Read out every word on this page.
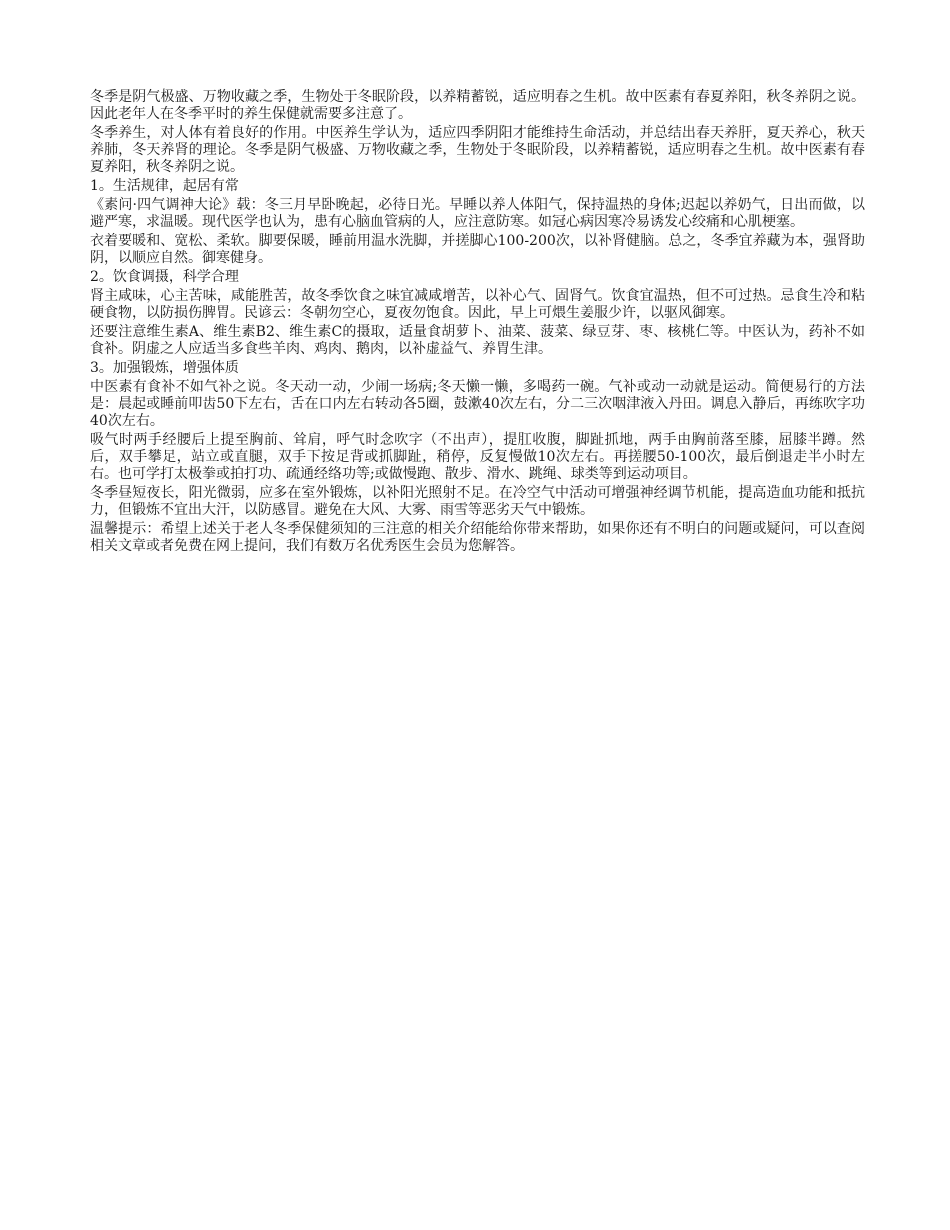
冬季是阴气极盛、万物收藏之季，生物处于冬眠阶段，以养精蓄锐，适应明春之生机。故中医素有春夏养阳，秋冬养阴之说。因此老年人在冬季平时的养生保健就需要多注意了。

冬季养生，对人体有着良好的作用。中医养生学认为，适应四季阴阳才能维持生命活动，并总结出春天养肝，夏天养心，秋天养肺，冬天养肾的理论。冬季是阴气极盛、万物收藏之季，生物处于冬眠阶段，以养精蓄锐，适应明春之生机。故中医素有春夏养阳，秋冬养阴之说。

1。生活规律，起居有常

《素问·四气调神大论》载：冬三月早卧晚起，必待日光。早睡以养人体阳气，保持温热的身体;迟起以养奶气，日出而做，以避严寒，求温暖。现代医学也认为，患有心脑血管病的人，应注意防寒。如冠心病因寒冷易诱发心绞痛和心肌梗塞。

衣着要暖和、宽松、柔软。脚要保暖，睡前用温水洗脚，并搓脚心100-200次，以补肾健脑。总之，冬季宜养藏为本，强肾助阴，以顺应自然。御寒健身。

2。饮食调摄，科学合理

肾主咸味，心主苦味，咸能胜苦，故冬季饮食之味宜减咸增苦，以补心气、固肾气。饮食宜温热，但不可过热。忌食生冷和粘硬食物，以防损伤脾胃。民谚云：冬朝勿空心，夏夜勿饱食。因此，早上可煨生姜服少许，以驱风御寒。

还要注意维生素A、维生素B2、维生素C的摄取，适量食胡萝卜、油菜、菠菜、绿豆芽、枣、核桃仁等。中医认为，药补不如食补。阴虚之人应适当多食些羊肉、鸡肉、鹅肉，以补虚益气、养胃生津。

3。加强锻炼，增强体质

中医素有食补不如气补之说。冬天动一动，少闹一场病;冬天懒一懒，多喝药一碗。气补或动一动就是运动。简便易行的方法是：晨起或睡前叩齿50下左右，舌在口内左右转动各5圈，鼓漱40次左右，分二三次咽津液入丹田。调息入静后，再练吹字功40次左右。

吸气时两手经腰后上提至胸前、耸肩，呼气时念吹字（不出声），提肛收腹，脚趾抓地，两手由胸前落至膝，屈膝半蹲。然后，双手攀足，站立或直腿，双手下按足背或抓脚趾，稍停，反复慢做10次左右。再搓腰50-100次，最后倒退走半小时左右。也可学打太极拳或拍打功、疏通经络功等;或做慢跑、散步、滑水、跳绳、球类等到运动项目。

冬季昼短夜长，阳光微弱，应多在室外锻炼，以补阳光照射不足。在冷空气中活动可增强神经调节机能，提高造血功能和抵抗力，但锻炼不宜出大汗，以防感冒。避免在大风、大雾、雨雪等恶劣天气中锻炼。

温馨提示：希望上述关于老人冬季保健须知的三注意的相关介绍能给你带来帮助，如果你还有不明白的问题或疑问，可以查阅相关文章或者免费在网上提问，我们有数万名优秀医生会员为您解答。
